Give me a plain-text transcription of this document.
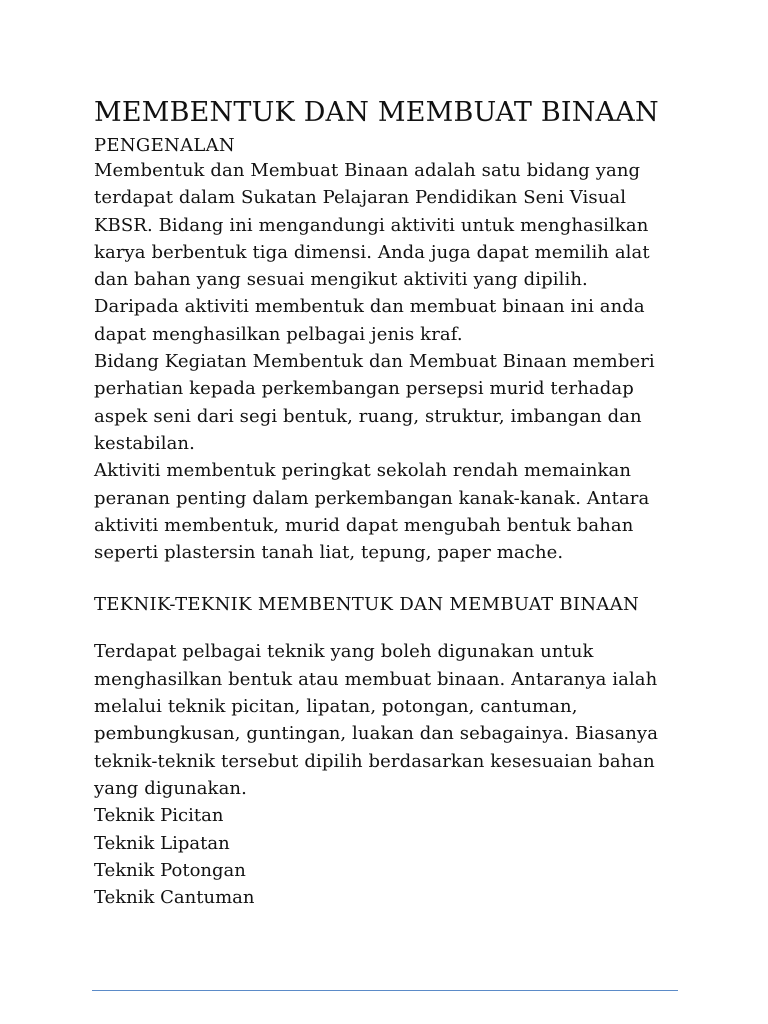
MEMBENTUK DAN MEMBUAT BINAAN
PENGENALAN

Membentuk dan Membuat Binaan adalah satu bidang yang terdapat dalam Sukatan Pelajaran Pendidikan Seni Visual KBSR. Bidang ini mengandungi aktiviti untuk menghasilkan karya berbentuk tiga dimensi. Anda juga dapat memilih alat dan bahan yang sesuai mengikut aktiviti yang dipilih. Daripada aktiviti membentuk dan membuat binaan ini anda dapat menghasilkan pelbagai jenis kraf.

Bidang Kegiatan Membentuk dan Membuat Binaan memberi perhatian kepada perkembangan persepsi murid terhadap aspek seni dari segi bentuk, ruang, struktur, imbangan dan kestabilan.

Aktiviti membentuk peringkat sekolah rendah memainkan peranan penting dalam perkembangan kanak-kanak. Antara aktiviti membentuk, murid dapat mengubah bentuk bahan seperti plastersin tanah liat, tepung, paper mache.

TEKNIK-TEKNIK MEMBENTUK DAN MEMBUAT BINAAN

Terdapat pelbagai teknik yang boleh digunakan untuk menghasilkan bentuk atau membuat binaan. Antaranya ialah melalui teknik picitan, lipatan, potongan, cantuman, pembungkusan, guntingan, luakan dan sebagainya. Biasanya teknik-teknik tersebut dipilih berdasarkan kesesuaian bahan yang digunakan.

Teknik Picitan
Teknik Lipatan
Teknik Potongan
Teknik Cantuman
